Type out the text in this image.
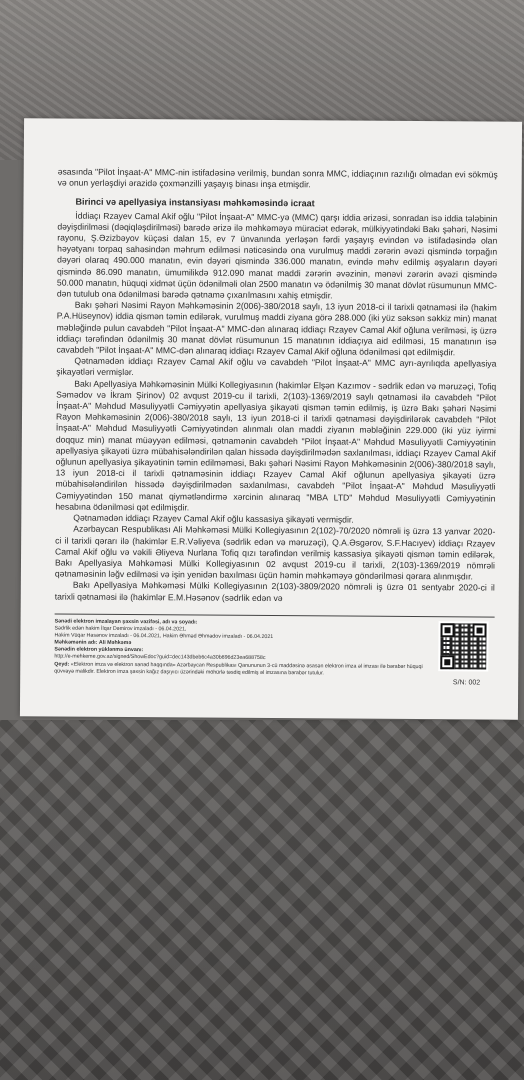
əsasında "Pilot İnşaat-A" MMC-nin istifadəsinə verilmiş, bundan sonra MMC, iddiaçının razılığı olmadan evi sökmüş və onun yerləşdiyi ərazidə çoxmənzilli yaşayış binası inşa etmişdir.

Birinci və apellyasiya instansiyası məhkəməsində icraat

İddiaçı Rzayev Camal Akif oğlu "Pilot İnşaat-A" MMC-yə (MMC) qarşı iddia ərizəsi, sonradan isə iddia tələbinin dəyişdirilməsi (dəqiqləşdirilməsi) barədə ərizə ilə məhkəməyə müraciət edərək, mülkiyyətindəki Bakı şəhəri, Nəsimi rayonu, Ş.Əzizbəyov küçəsi dalan 15, ev 7 ünvanında yerləşən fərdi yaşayış evindən və istifadəsində olan həyətyanı torpaq sahəsindən məhrum edilməsi nəticəsində ona vurulmuş maddi zərərin əvəzi qismində torpağın dəyəri olaraq 490.000 manatın, evin dəyəri qismində 336.000 manatın, evində məhv edilmiş əşyaların dəyəri qismində 86.090 manatın, ümumilikdə 912.090 manat maddi zərərin əvəzinin, mənəvi zərərin əvəzi qismində 50.000 manatın, hüquqi xidmət üçün ödənilməli olan 2500 manatın və ödənilmiş 30 manat dövlət rüsumunun MMC-dən tutulub ona ödənilməsi barədə qətnamə çıxarılmasını xahiş etmişdir.

Bakı şəhəri Nəsimi Rayon Məhkəməsinin 2(006)-380/2018 saylı, 13 iyun 2018-ci il tarixli qətnaməsi ilə (hakim P.A.Hüseynov) iddia qismən təmin edilərək, vurulmuş maddi ziyana görə 288.000 (iki yüz səksən səkkiz min) manat məbləğində pulun cavabdeh "Pilot İnşaat-A" MMC-dən alınaraq iddiaçı Rzayev Camal Akif oğluna verilməsi, iş üzrə iddiaçı tərəfindən ödənilmiş 30 manat dövlət rüsumunun 15 manatının iddiaçıya aid edilməsi, 15 manatının isə cavabdeh "Pilot İnşaat-A" MMC-dən alınaraq iddiaçı Rzayev Camal Akif oğluna ödənilməsi qət edilmişdir.

Qətnamədən iddiaçı Rzayev Camal Akif oğlu və cavabdeh "Pilot İnşaat-A" MMC ayrı-ayrılıqda apellyasiya şikayətləri vermişlər.

Bakı Apellyasiya Məhkəməsinin Mülki Kollegiyasının (hakimlər Elşən Kazımov - sədrlik edən və məruzəçi, Tofiq Səmədov və İkram Şirinov) 02 avqust 2019-cu il tarixli, 2(103)-1369/2019 saylı qətnaməsi ilə cavabdeh "Pilot İnşaat-A" Məhdud Məsuliyyətli Cəmiyyətin apellyasiya şikayəti qismən təmin edilmiş, iş üzrə Bakı şəhəri Nəsimi Rayon Məhkəməsinin 2(006)-380/2018 saylı, 13 iyun 2018-ci il tarixli qətnaməsi dəyişdirilərək cavabdeh "Pilot İnşaat-A" Məhdud Məsuliyyətli Cəmiyyətindən alınmalı olan maddi ziyanın məbləğinin 229.000 (iki yüz iyirmi doqquz min) manat müəyyən edilməsi, qətnamənin cavabdeh "Pilot İnşaat-A" Məhdud Məsuliyyətli Cəmiyyətinin apellyasiya şikayəti üzrə mübahisələndirilən qalan hissədə dəyişdirilmədən saxlanılması, iddiaçı Rzayev Camal Akif oğlunun apellyasiya şikayətinin təmin edilməməsi, Bakı şəhəri Nəsimi Rayon Məhkəməsinin 2(006)-380/2018 saylı, 13 iyun 2018-ci il tarixli qətnaməsinin iddiaçı Rzayev Camal Akif oğlunun apellyasiya şikayəti üzrə mübahisələndirilən hissədə dəyişdirilmədən saxlanılması, cavabdeh "Pilot İnşaat-A" Məhdud Məsuliyyətli Cəmiyyətindən 150 manat qiymətləndirmə xərcinin alınaraq "MBA LTD" Məhdud Məsuliyyətli Cəmiyyətinin hesabına ödənilməsi qət edilmişdir.

Qətnamədən iddiaçı Rzayev Camal Akif oğlu kassasiya şikayəti vermişdir.

Azərbaycan Respublikası Ali Məhkəməsi Mülki Kollegiyasının 2(102)-70/2020 nömrəli iş üzrə 13 yanvar 2020-ci il tarixli qərarı ilə (hakimlər E.R.Vəliyeva (sədrlik edən və məruzəçi), Q.A.Əsgərov, S.F.Hacıyev) iddiaçı Rzayev Camal Akif oğlu və vəkili Əliyeva Nurlana Tofiq qızı tərəfindən verilmiş kassasiya şikayəti qismən təmin edilərək, Bakı Apellyasiya Məhkəməsi Mülki Kollegiyasının 02 avqust 2019-cu il tarixli, 2(103)-1369/2019 nömrəli qətnaməsinin ləğv edilməsi və işin yenidən baxılması üçün həmin məhkəməyə göndərilməsi qərara alınmışdır.

Bakı Apellyasiya Məhkəməsi Mülki Kollegiyasının 2(103)-3809/2020 nömrəli iş üzrə 01 sentyabr 2020-ci il tarixli qətnaməsi ilə (hakimlər E.M.Həsənov (sədrlik edən və

Sənədi elektron imzalayan şəxsin vəzifəsi, adı və soyadı:
Sədrlik edən hakim İlqar Dəmirov imzaladı - 06.04.2021,
Hakim Vüqar Həsənov imzaladı - 06.04.2021, Hakim Əhməd Əhmədov imzaladı - 06.04.2021
Məhkəmənin adı: Ali Məhkəmə
Sənədin elektron yüklənmə ünvanı:
http://e-mehkeme.gov.az/signed/ShowEdoc?guid=dec143dbeb6c4a30b896d23ea688758c
Qeyd: «Elektron imza və elektron sənəd haqqında» Azərbaycan Respublikası Qanununun 3-cü maddəsinə əsasən elektron imza əl imzası ilə bərabər hüquqi qüvvəyə malikdir. Elektron imza şəxsin kağız daşıyıcı üzərindəki möhürlə təsdiq edilmiş əl imzasına bərabər tutulur.
S/N: 002
